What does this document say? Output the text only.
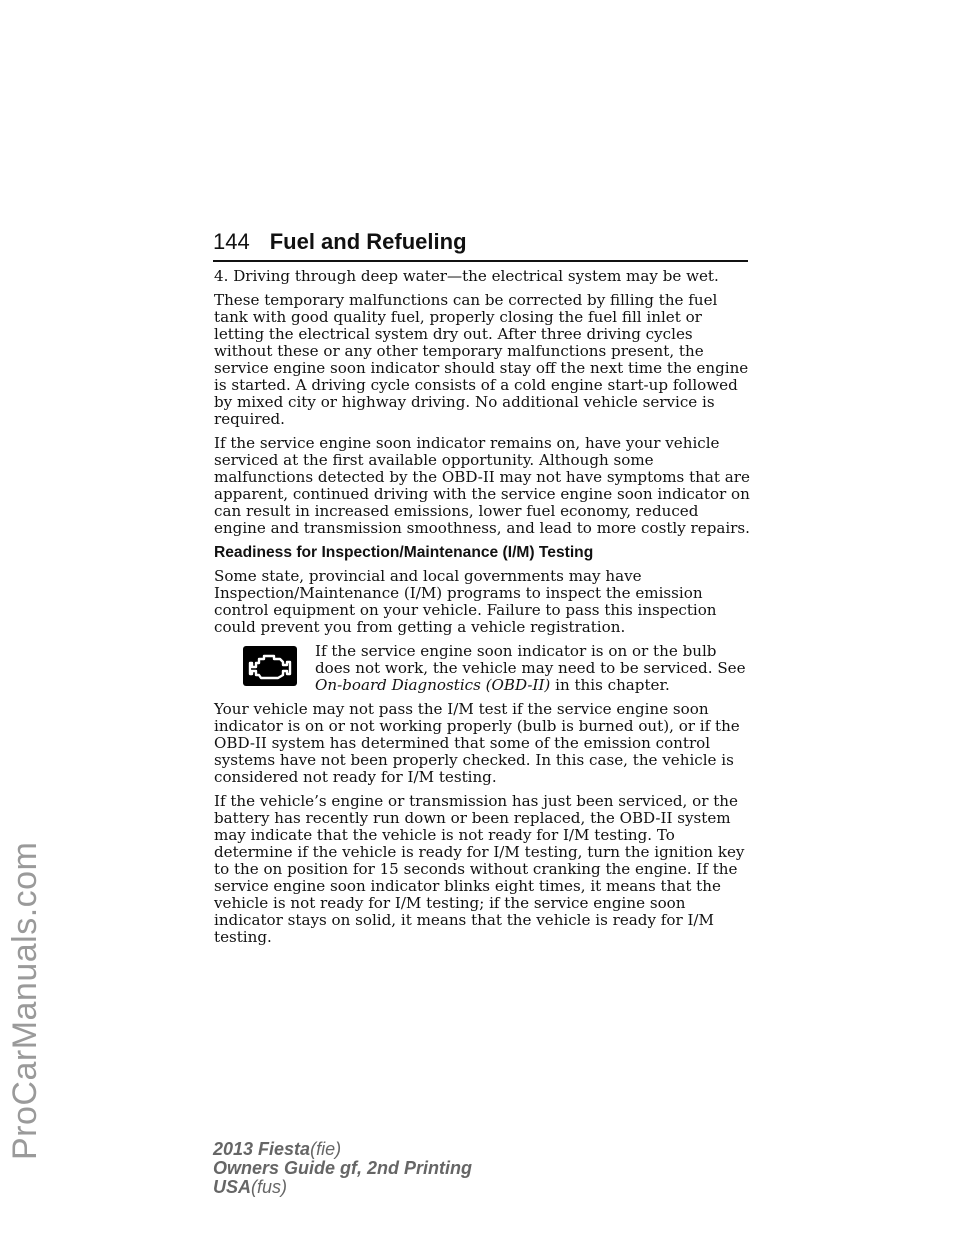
ProCarManuals.com
144 Fuel and Refueling

4. Driving through deep water—the electrical system may be wet.

These temporary malfunctions can be corrected by filling the fuel tank with good quality fuel, properly closing the fuel fill inlet or letting the electrical system dry out. After three driving cycles without these or any other temporary malfunctions present, the service engine soon indicator should stay off the next time the engine is started. A driving cycle consists of a cold engine start-up followed by mixed city or highway driving. No additional vehicle service is required.

If the service engine soon indicator remains on, have your vehicle serviced at the first available opportunity. Although some malfunctions detected by the OBD-II may not have symptoms that are apparent, continued driving with the service engine soon indicator on can result in increased emissions, lower fuel economy, reduced engine and transmission smoothness, and lead to more costly repairs.

Readiness for Inspection/Maintenance (I/M) Testing

Some state, provincial and local governments may have Inspection/Maintenance (I/M) programs to inspect the emission control equipment on your vehicle. Failure to pass this inspection could prevent you from getting a vehicle registration.

If the service engine soon indicator is on or the bulb does not work, the vehicle may need to be serviced. See On-board Diagnostics (OBD-II) in this chapter.

Your vehicle may not pass the I/M test if the service engine soon indicator is on or not working properly (bulb is burned out), or if the OBD-II system has determined that some of the emission control systems have not been properly checked. In this case, the vehicle is considered not ready for I/M testing.

If the vehicle’s engine or transmission has just been serviced, or the battery has recently run down or been replaced, the OBD-II system may indicate that the vehicle is not ready for I/M testing. To determine if the vehicle is ready for I/M testing, turn the ignition key to the on position for 15 seconds without cranking the engine. If the service engine soon indicator blinks eight times, it means that the vehicle is not ready for I/M testing; if the service engine soon indicator stays on solid, it means that the vehicle is ready for I/M testing.

2013 Fiesta(fie)
Owners Guide gf, 2nd Printing
USA(fus)
